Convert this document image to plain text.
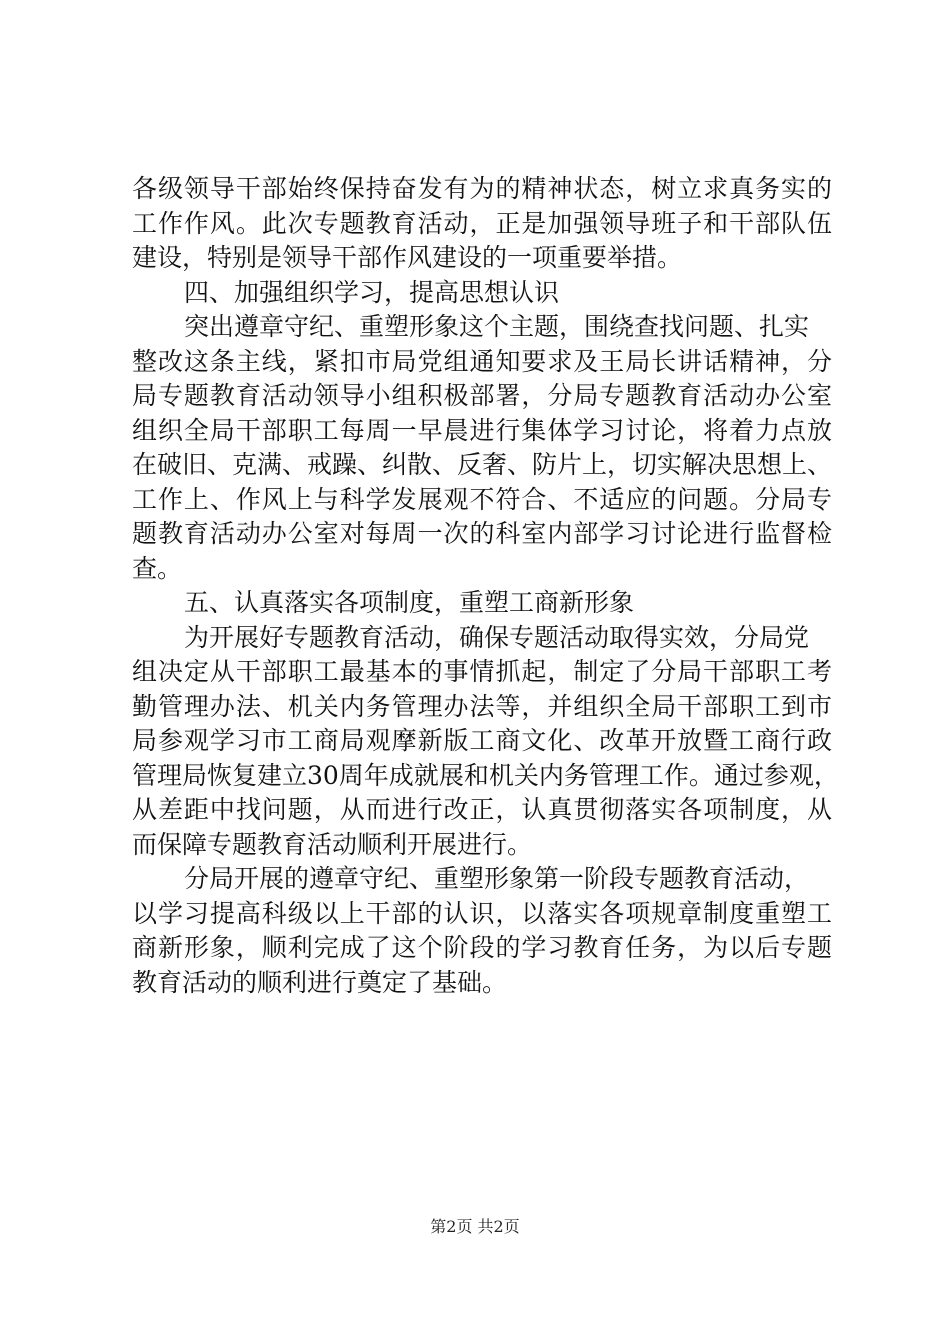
各级领导干部始终保持奋发有为的精神状态，树立求真务实的
工作作风。此次专题教育活动，正是加强领导班子和干部队伍
建设，特别是领导干部作风建设的一项重要举措。
四、加强组织学习，提高思想认识
突出遵章守纪、重塑形象这个主题，围绕查找问题、扎实
整改这条主线，紧扣市局党组通知要求及王局长讲话精神，分
局专题教育活动领导小组积极部署，分局专题教育活动办公室
组织全局干部职工每周一早晨进行集体学习讨论，将着力点放
在破旧、克满、戒躁、纠散、反奢、防片上，切实解决思想上、
工作上、作风上与科学发展观不符合、不适应的问题。分局专
题教育活动办公室对每周一次的科室内部学习讨论进行监督检
查。
五、认真落实各项制度，重塑工商新形象
为开展好专题教育活动，确保专题活动取得实效，分局党
组决定从干部职工最基本的事情抓起，制定了分局干部职工考
勤管理办法、机关内务管理办法等，并组织全局干部职工到市
局参观学习市工商局观摩新版工商文化、改革开放暨工商行政
管理局恢复建立30周年成就展和机关内务管理工作。通过参观，
从差距中找问题，从而进行改正，认真贯彻落实各项制度，从
而保障专题教育活动顺利开展进行。
分局开展的遵章守纪、重塑形象第一阶段专题教育活动，
以学习提高科级以上干部的认识，以落实各项规章制度重塑工
商新形象，顺利完成了这个阶段的学习教育任务，为以后专题
教育活动的顺利进行奠定了基础。
第2页 共2页
